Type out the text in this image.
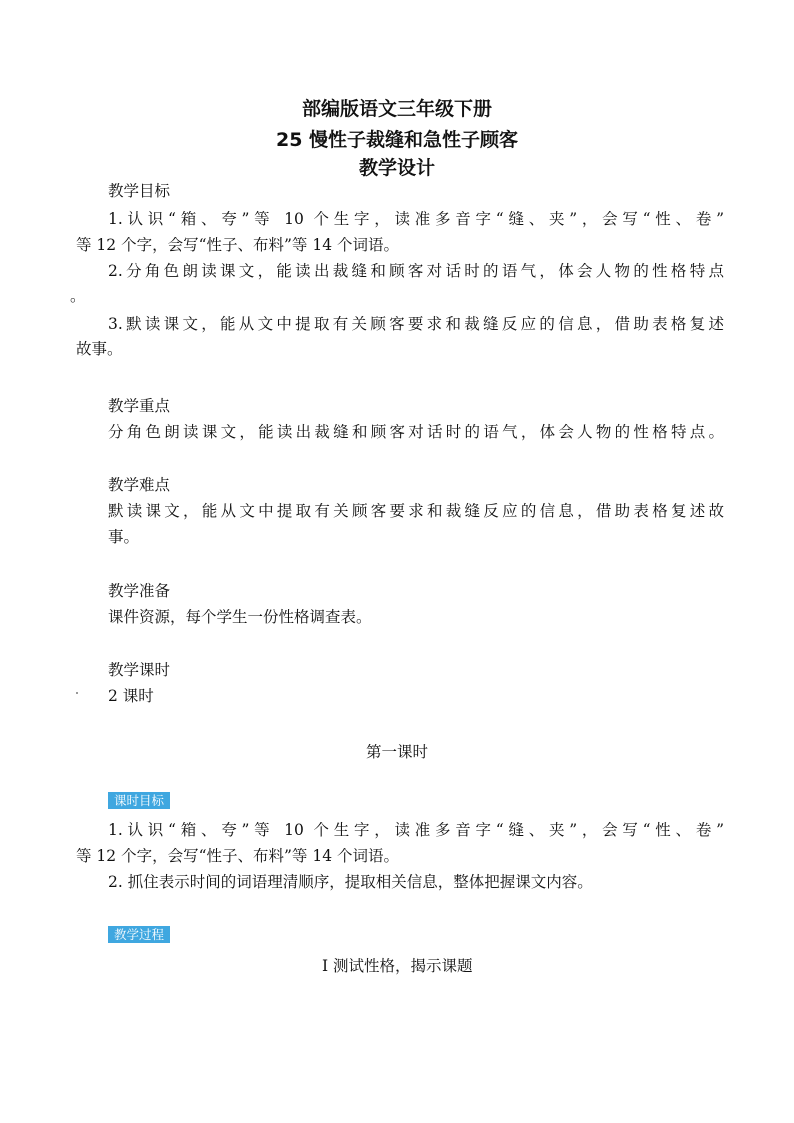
部编版语文三年级下册
25 慢性子裁缝和急性子顾客
教学设计
教学目标
1.认识“箱、夸”等 10 个生字，读准多音字“缝、夹”，会写“性、卷”
等 12 个字，会写“性子、布料”等 14 个词语。
2.分角色朗读课文，能读出裁缝和顾客对话时的语气，体会人物的性格特点
。
3.默读课文，能从文中提取有关顾客要求和裁缝反应的信息，借助表格复述
故事。
教学重点
分角色朗读课文，能读出裁缝和顾客对话时的语气，体会人物的性格特点。
教学难点
默读课文，能从文中提取有关顾客要求和裁缝反应的信息，借助表格复述故
事。
教学准备
课件资源，每个学生一份性格调查表。
教学课时
2 课时
第一课时
课时目标
1.认识“箱、夸”等 10 个生字，读准多音字“缝、夹”，会写“性、卷”
等 12 个字，会写“性子、布料”等 14 个词语。
2. 抓住表示时间的词语理清顺序，提取相关信息，整体把握课文内容。
教学过程
Ⅰ 测试性格，揭示课题
